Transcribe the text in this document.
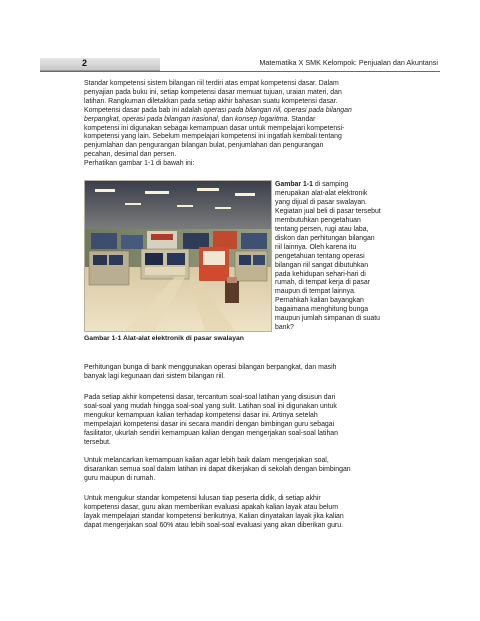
2	Matematika X SMK Kelompok: Penjualan dan Akuntansi
Standar kompetensi sistem bilangan riil terdiri atas empat kompetensi dasar. Dalam
penyajian pada buku ini, setiap kompetensi dasar memuat tujuan, uraian materi, dan
latihan. Rangkuman diletakkan pada setiap akhir bahasan suatu kompetensi dasar.
Kompetensi dasar pada bab ini adalah operasi pada bilangan riil, operasi pada bilangan
berpangkat, operasi pada bilangan irasional, dan konsep logaritma. Standar
kompetensi ini digunakan sebagai kemampuan dasar untuk mempelajari kompetensi-
kompetensi yang lain. Sebelum mempelajari kompetensi ini ingatlah kembali tentang
penjumlahan dan pengurangan bilangan bulat, penjumlahan dan pengurangan
pecahan, desimal dan persen.
Perhatikan gambar 1-1 di bawah ini:
Gambar 1-1 Alat-alat elektronik di pasar swalayan
Gambar 1-1 di samping
merupakan alat-alat elektronik
yang dijual di pasar swalayan.
Kegiatan jual beli di pasar tersebut
membutuhkan pengetahuan
tentang persen, rugi atau laba,
diskon dan perhitungan bilangan
riil lainnya. Oleh karena itu
pengetahuan tentang operasi
bilangan riil sangat dibutuhkan
pada kehidupan sehari-hari di
rumah, di tempat kerja di pasar
maupun di tempat lainnya.
Pernahkah kalian bayangkan
bagaimana menghitung bunga
maupun jumlah simpanan di suatu
bank?
Perhitungan bunga di bank menggunakan operasi bilangan berpangkat, dan masih
banyak lagi kegunaan dari sistem bilangan riil.
Pada setiap akhir kompetensi dasar, tercantum soal-soal latihan yang disusun dari
soal-soal yang mudah hingga soal-soal yang sulit. Latihan soal ini digunakan untuk
mengukur kemampuan kalian terhadap kompetensi dasar ini. Artinya setelah
mempelajari kompetensi dasar ini secara mandiri dengan bimbingan guru sebagai
fasilitator, ukurlah sendiri kemampuan kalian dengan mengerjakan soal-soal latihan
tersebut.
Untuk melancarkan kemampuan kalian agar lebih baik dalam mengerjakan soal,
disarankan semua soal dalam latihan ini dapat dikerjakan di sekolah dengan bimbingan
guru maupun di rumah.
Untuk mengukur standar kompetensi lulusan tiap peserta didik, di setiap akhir
kompetensi dasar, guru akan memberikan evaluasi apakah kalian layak atau belum
layak mempelajari standar kompetensi berikutnya. Kalian dinyatakan layak jika kalian
dapat mengerjakan soal 60% atau lebih soal-soal evaluasi yang akan diberikan guru.
